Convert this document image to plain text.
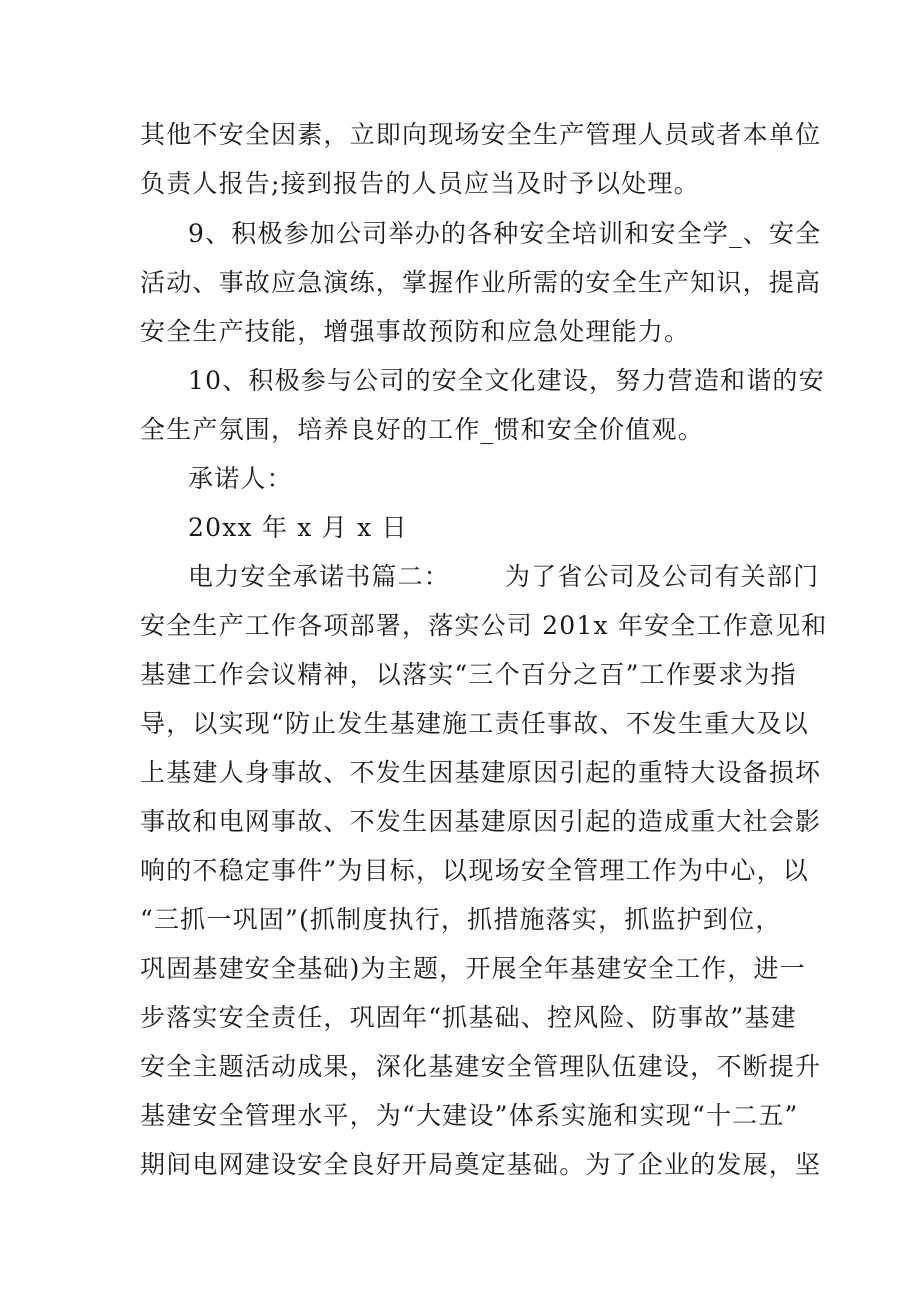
其他不安全因素，立即向现场安全生产管理人员或者本单位
负责人报告;接到报告的人员应当及时予以处理。
9、积极参加公司举办的各种安全培训和安全学_、安全
活动、事故应急演练，掌握作业所需的安全生产知识，提高
安全生产技能，增强事故预防和应急处理能力。
10、积极参与公司的安全文化建设，努力营造和谐的安
全生产氛围，培养良好的工作_惯和安全价值观。
承诺人：
20xx 年 x 月 x 日
电力安全承诺书篇二：      为了省公司及公司有关部门
安全生产工作各项部署，落实公司 201x 年安全工作意见和
基建工作会议精神，以落实“三个百分之百”工作要求为指
导，以实现“防止发生基建施工责任事故、不发生重大及以
上基建人身事故、不发生因基建原因引起的重特大设备损坏
事故和电网事故、不发生因基建原因引起的造成重大社会影
响的不稳定事件”为目标，以现场安全管理工作为中心，以
“三抓一巩固”(抓制度执行，抓措施落实，抓监护到位，
巩固基建安全基础)为主题，开展全年基建安全工作，进一
步落实安全责任，巩固年“抓基础、控风险、防事故”基建
安全主题活动成果，深化基建安全管理队伍建设，不断提升
基建安全管理水平，为“大建设”体系实施和实现“十二五”
期间电网建设安全良好开局奠定基础。为了企业的发展，坚
